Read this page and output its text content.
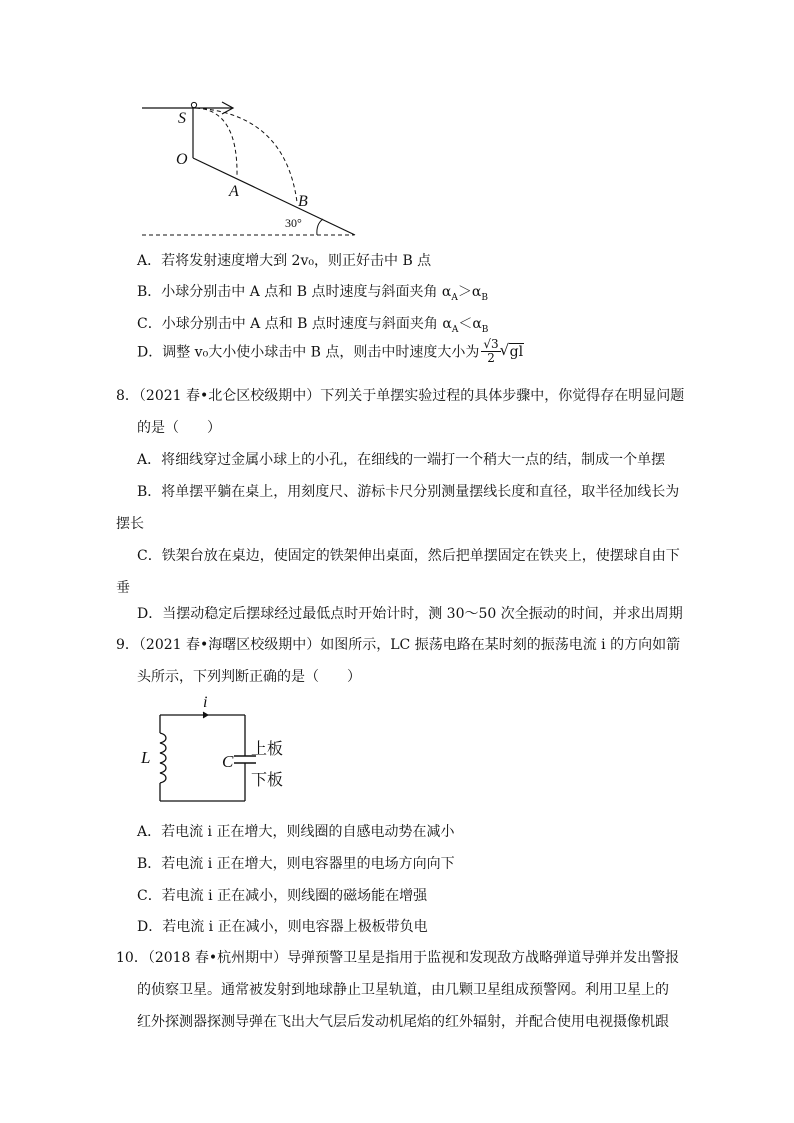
S
O
A
B
30°
A．若将发射速度增大到 2v₀，则正好击中 B 点
B．小球分别击中 A 点和 B 点时速度与斜面夹角 $\alpha_A>\alpha_B$
C．小球分别击中 A 点和 B 点时速度与斜面夹角 $\alpha_A<\alpha_B$
D．调整 v₀大小使小球击中 B 点，则击中时速度大小为 $\frac{√3}{2}$
√ gl
8．（2021 春•北仑区校级期中）下列关于单摆实验过程的具体步骤中，你觉得存在明显问题
的是（　　）
A．将细线穿过金属小球上的小孔，在细线的一端打一个稍大一点的结，制成一个单摆
B．将单摆平躺在桌上，用刻度尺、游标卡尺分别测量摆线长度和直径，取半径加线长为
摆长
C．铁架台放在桌边，使固定的铁架伸出桌面，然后把单摆固定在铁夹上，使摆球自由下
垂
D．当摆动稳定后摆球经过最低点时开始计时，测 30～50 次全振动的时间，并求出周期
9．（2021 春•海曙区校级期中）如图所示，LC 振荡电路在某时刻的振荡电流 i 的方向如箭
头所示，下列判断正确的是（　　）
i
L	C
上板
下板
A．若电流 i 正在增大，则线圈的自感电动势在减小
B．若电流 i 正在增大，则电容器里的电场方向向下
C．若电流 i 正在减小，则线圈的磁场能在增强
D．若电流 i 正在减小，则电容器上极板带负电
10．（2018 春•杭州期中）导弹预警卫星是指用于监视和发现敌方战略弹道导弹并发出警报
的侦察卫星。通常被发射到地球静止卫星轨道，由几颗卫星组成预警网。利用卫星上的
红外探测器探测导弹在飞出大气层后发动机尾焰的红外辐射，并配合使用电视摄像机跟
